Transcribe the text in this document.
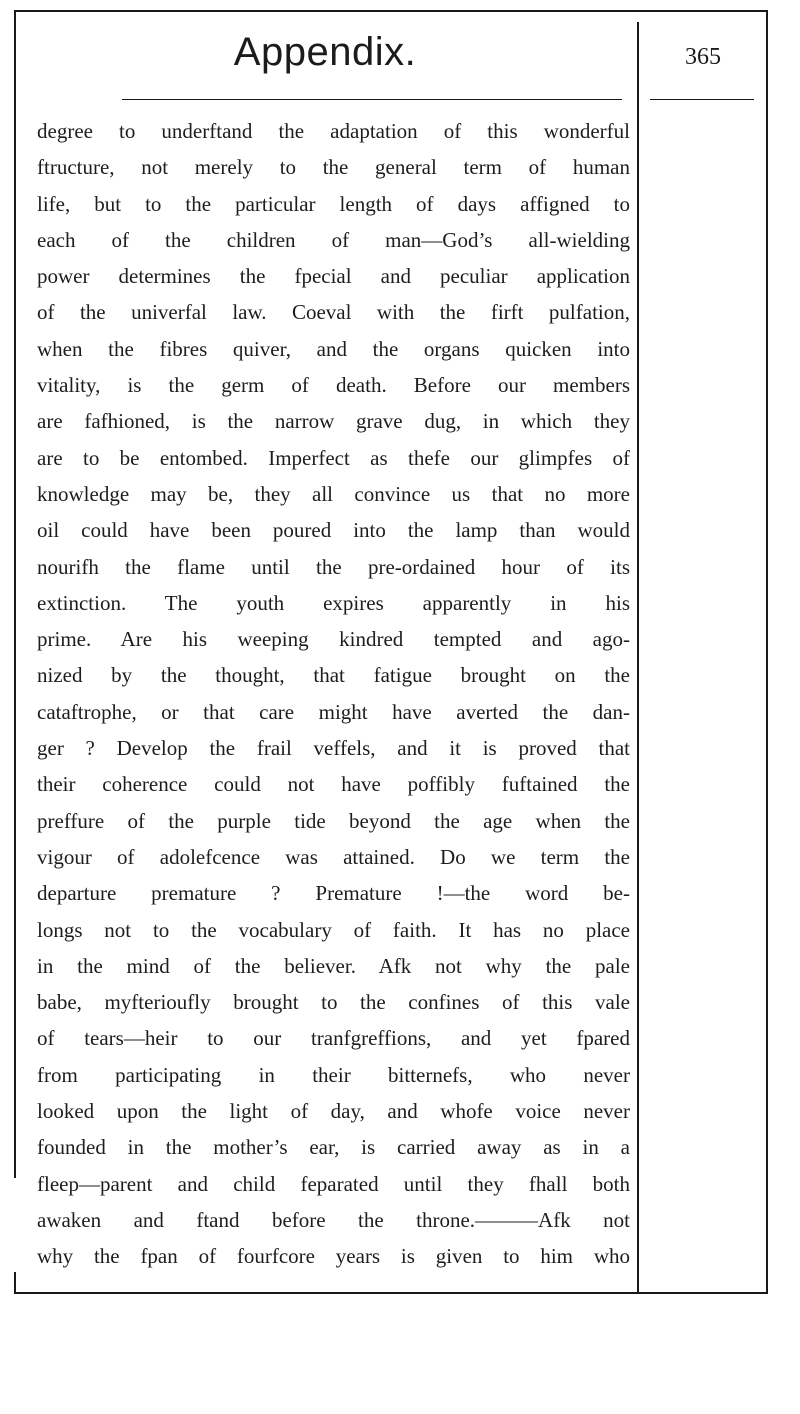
Appendix.	365
degree to underftand the adaptation of this wonderful
ftructure, not merely to the general term of human
life, but to the particular length of days affigned to
each of the children of man—God’s all-wielding
power determines the fpecial and peculiar application
of the univerfal law. Coeval with the firft pulfation,
when the fibres quiver, and the organs quicken into
vitality, is the germ of death. Before our members
are fafhioned, is the narrow grave dug, in which they
are to be entombed. Imperfect as thefe our glimpfes of
knowledge may be, they all convince us that no more
oil could have been poured into the lamp than would
nourifh the flame until the pre-ordained hour of its
extinction. The youth expires apparently in his
prime. Are his weeping kindred tempted and ago-
nized by the thought, that fatigue brought on the
cataftrophe, or that care might have averted the dan-
ger ? Develop the frail veffels, and it is proved that
their coherence could not have poffibly fuftained the
preffure of the purple tide beyond the age when the
vigour of adolefcence was attained. Do we term the
departure premature ? Premature !—the word be-
longs not to the vocabulary of faith. It has no place
in the mind of the believer. Afk not why the pale
babe, myfterioufly brought to the confines of this vale
of tears—heir to our tranfgreffions, and yet fpared
from participating in their bitternefs, who never
looked upon the light of day, and whofe voice never
founded in the mother’s ear, is carried away as in a
fleep—parent and child feparated until they fhall both
awaken and ftand before the throne.———Afk not
why the fpan of fourfcore years is given to him who
